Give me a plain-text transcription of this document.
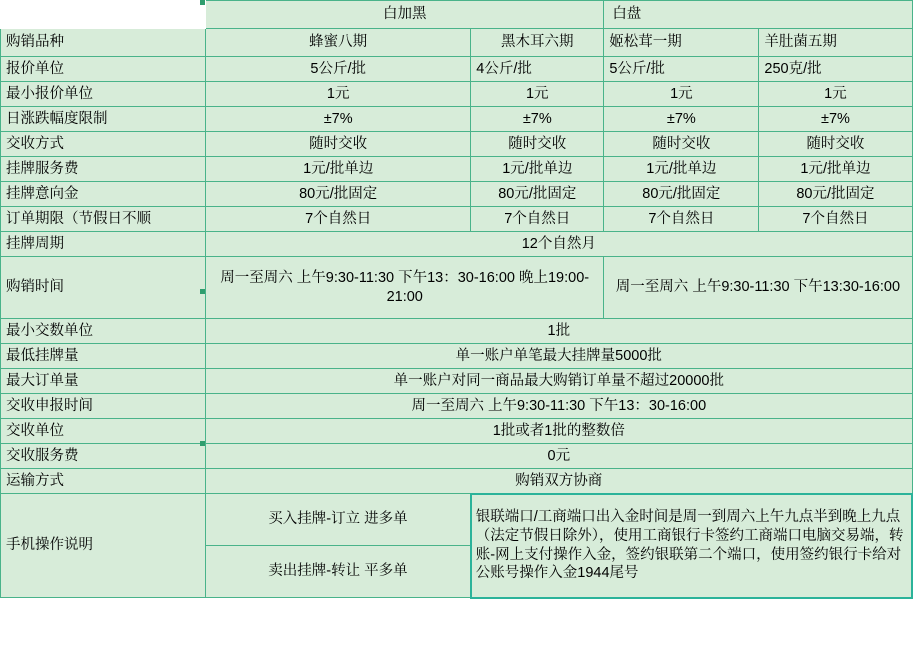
	白加黑		白盘	
购销品种	蜂蜜八期	黑木耳六期	姬松茸一期	羊肚菌五期
报价单位	5公斤/批	4公斤/批	5公斤/批	250克/批
最小报价单位	1元	1元	1元	1元
日涨跌幅度限制	±7%	±7%	±7%	±7%
交收方式	随时交收	随时交收	随时交收	随时交收
挂牌服务费	1元/批单边	1元/批单边	1元/批单边	1元/批单边
挂牌意向金	80元/批固定	80元/批固定	80元/批固定	80元/批固定
订单期限（节假日不顺	7个自然日	7个自然日	7个自然日	7个自然日
挂牌周期	12个自然月			
购销时间	周一至周六 上午9:30-11:30 下午13：30-16:00 晚上19:00-21:00		周一至周六 上午9:30-11:30 下午13:30-16:00	
最小交数单位	1批			
最低挂牌量	单一账户单笔最大挂牌量5000批			
最大订单量	单一账户对同一商品最大购销订单量不超过20000批			
交收申报时间	周一至周六 上午9:30-11:30 下午13：30-16:00			
交收单位	1批或者1批的整数倍			
交收服务费	0元			
运输方式	购销双方协商			
手机操作说明	买入挂牌-订立 进多单	银联端口/工商端口出入金时间是周一到周六上午九点半到晚上九点（法定节假日除外），使用工商银行卡签约工商端口电脑交易端，转账-网上支付操作入金，签约银联第二个端口，使用签约银行卡给对公账号操作入金1944尾号		
	卖出挂牌-转让 平多单			
